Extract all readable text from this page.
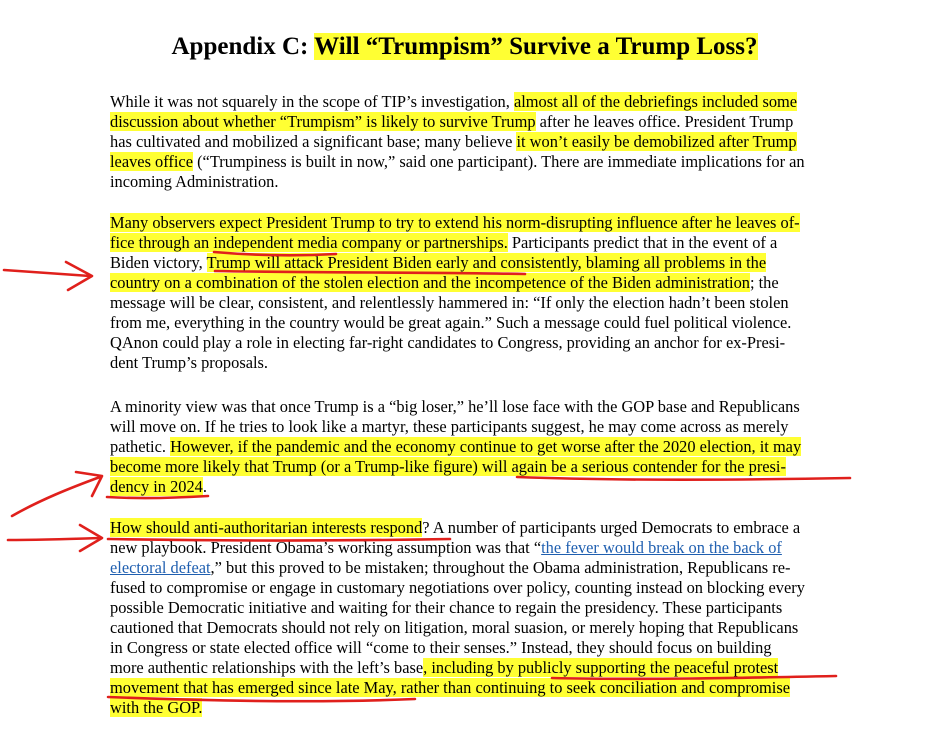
Appendix C: Will “Trumpism” Survive a Trump Loss?
While it was not squarely in the scope of TIP’s investigation, almost all of the debriefings included some
discussion about whether “Trumpism” is likely to survive Trump after he leaves office. President Trump
has cultivated and mobilized a significant base; many believe it won’t easily be demobilized after Trump
leaves office (“Trumpiness is built in now,” said one participant). There are immediate implications for an
incoming Administration.
Many observers expect President Trump to try to extend his norm-disrupting influence after he leaves of-
fice through an independent media company or partnerships. Participants predict that in the event of a
Biden victory, Trump will attack President Biden early and consistently, blaming all problems in the
country on a combination of the stolen election and the incompetence of the Biden administration; the
message will be clear, consistent, and relentlessly hammered in: “If only the election hadn’t been stolen
from me, everything in the country would be great again.” Such a message could fuel political violence.
QAnon could play a role in electing far-right candidates to Congress, providing an anchor for ex-Presi-
dent Trump’s proposals.
A minority view was that once Trump is a “big loser,” he’ll lose face with the GOP base and Republicans
will move on. If he tries to look like a martyr, these participants suggest, he may come across as merely
pathetic. However, if the pandemic and the economy continue to get worse after the 2020 election, it may
become more likely that Trump (or a Trump-like figure) will again be a serious contender for the presi-
dency in 2024.
How should anti-authoritarian interests respond? A number of participants urged Democrats to embrace a
new playbook. President Obama’s working assumption was that “the fever would break on the back of
electoral defeat,” but this proved to be mistaken; throughout the Obama administration, Republicans re-
fused to compromise or engage in customary negotiations over policy, counting instead on blocking every
possible Democratic initiative and waiting for their chance to regain the presidency. These participants
cautioned that Democrats should not rely on litigation, moral suasion, or merely hoping that Republicans
in Congress or state elected office will “come to their senses.” Instead, they should focus on building
more authentic relationships with the left’s base, including by publicly supporting the peaceful protest
movement that has emerged since late May, rather than continuing to seek conciliation and compromise
with the GOP.
